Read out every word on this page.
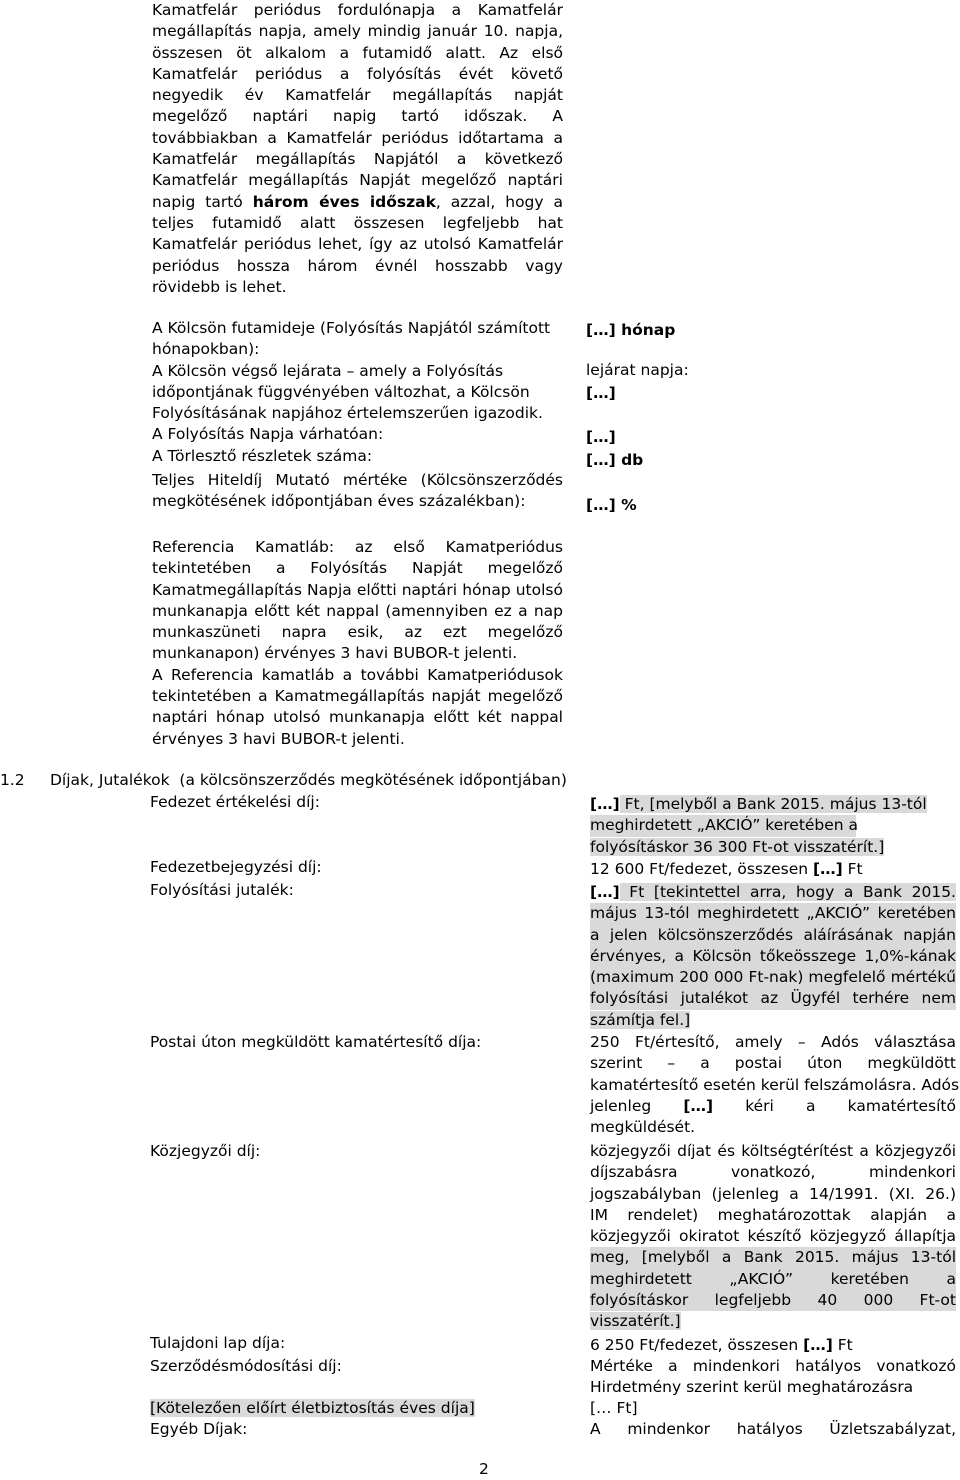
Kamatfelár periódus fordulónapja a Kamatfelár
megállapítás napja, amely mindig január 10. napja,
összesen öt alkalom a futamidő alatt. Az első
Kamatfelár periódus a folyósítás évét követő
negyedik év Kamatfelár megállapítás napját
megelőző naptári napig tartó időszak. A
továbbiakban a Kamatfelár periódus időtartama a
Kamatfelár megállapítás Napjától a következő
Kamatfelár megállapítás Napját megelőző naptári
napig tartó három éves időszak, azzal, hogy a
teljes futamidő alatt összesen legfeljebb hat
Kamatfelár periódus lehet, így az utolsó Kamatfelár
periódus hossza három évnél hosszabb vagy
rövidebb is lehet.
A Kölcsön futamideje (Folyósítás Napjától számított
hónapokban):
A Kölcsön végső lejárata – amely a Folyósítás
időpontjának függvényében változhat, a Kölcsön
Folyósításának napjához értelemszerűen igazodik.
A Folyósítás Napja várhatóan:
A Törlesztő részletek száma:
Teljes Hiteldíj Mutató mértéke (Kölcsönszerződés
megkötésének időpontjában éves százalékban):
[…] hónap
lejárat napja:
[…]
[…]
[…] db
[…] %
Referencia Kamatláb: az első Kamatperiódus
tekintetében a Folyósítás Napját megelőző
Kamatmegállapítás Napja előtti naptári hónap utolsó
munkanapja előtt két nappal (amennyiben ez a nap
munkaszüneti napra esik, az ezt megelőző
munkanapon) érvényes 3 havi BUBOR-t jelenti.
A Referencia kamatláb a további Kamatperiódusok
tekintetében a Kamatmegállapítás napját megelőző
naptári hónap utolsó munkanapja előtt két nappal
érvényes 3 havi BUBOR-t jelenti.
1.2 Díjak, Jutalékok  (a kölcsönszerződés megkötésének időpontjában)
Fedezet értékelési díj:
Fedezetbejegyzési díj:
Folyósítási jutalék:
Postai úton megküldött kamatértesítő díja:
Közjegyzői díj:
Tulajdoni lap díja:
Szerződésmódosítási díj:
[Kötelezően előírt életbiztosítás éves díja]
Egyéb Díjak:
[…] Ft, [melyből a Bank 2015. május 13-tól
meghirdetett „AKCIÓ” keretében a
folyósításkor 36 300 Ft-ot visszatérít.]
12 600 Ft/fedezet, összesen […] Ft
[…] Ft [tekintettel arra, hogy a Bank 2015.
május 13-tól meghirdetett „AKCIÓ” keretében
a jelen kölcsönszerződés aláírásának napján
érvényes, a Kölcsön tőkeösszege 1,0%-kának
(maximum 200 000 Ft-nak) megfelelő mértékű
folyósítási jutalékot az Ügyfél terhére nem
számítja fel.]
250 Ft/értesítő, amely – Adós választása
szerint – a postai úton megküldött
kamatértesítő esetén kerül felszámolásra. Adós
jelenleg […] kéri a kamatértesítő
megküldését.
közjegyzői díjat és költségtérítést a közjegyzői
díjszabásra vonatkozó, mindenkori
jogszabályban (jelenleg a 14/1991. (XI. 26.)
IM rendelet) meghatározottak alapján a
közjegyzői okiratot készítő közjegyző állapítja
meg, [melyből a Bank 2015. május 13-tól
meghirdetett „AKCIÓ” keretében a
folyósításkor legfeljebb 40 000 Ft-ot
visszatérít.]
6 250 Ft/fedezet, összesen […] Ft
Mértéke a mindenkori hatályos vonatkozó
Hirdetmény szerint kerül meghatározásra
[… Ft]
A mindenkor hatályos Üzletszabályzat,
2
